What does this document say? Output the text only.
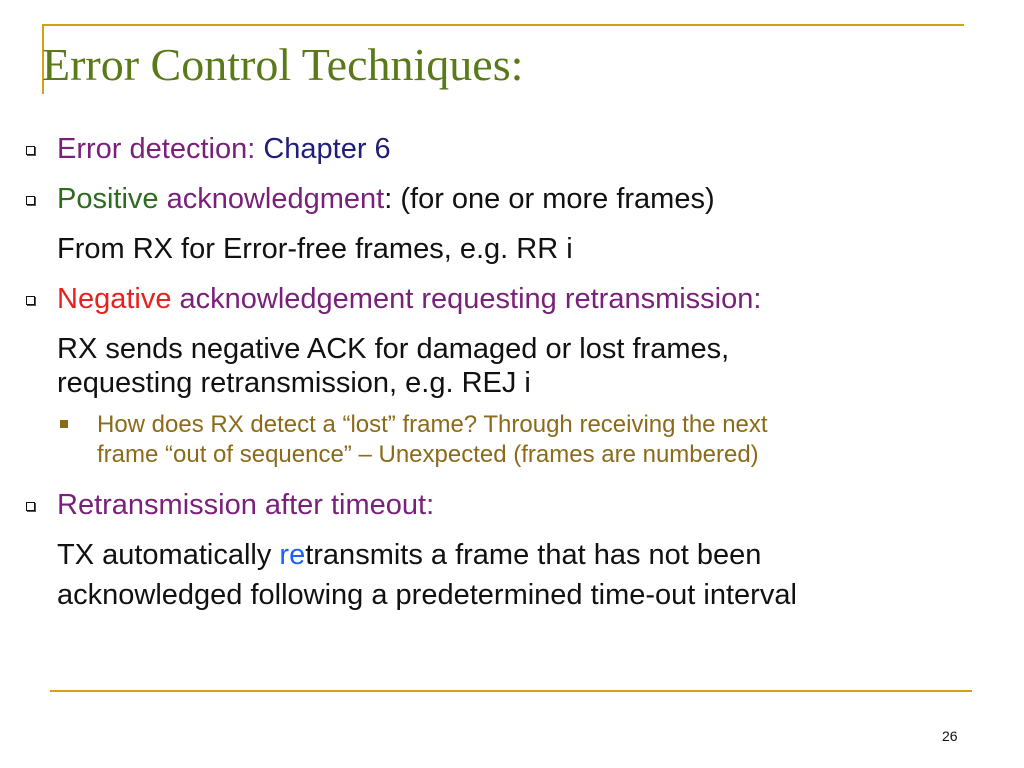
Error Control Techniques:
Error detection: Chapter 6
Positive acknowledgment: (for one or more frames)
From RX for Error-free frames, e.g. RR i
Negative acknowledgement requesting retransmission:
RX sends negative ACK for damaged or lost frames,
requesting retransmission, e.g. REJ i
How does RX detect a “lost” frame? Through receiving the next
frame “out of sequence” – Unexpected (frames are numbered)
Retransmission after timeout:
TX automatically retransmits a frame that has not been
acknowledged following a predetermined time-out interval
26
